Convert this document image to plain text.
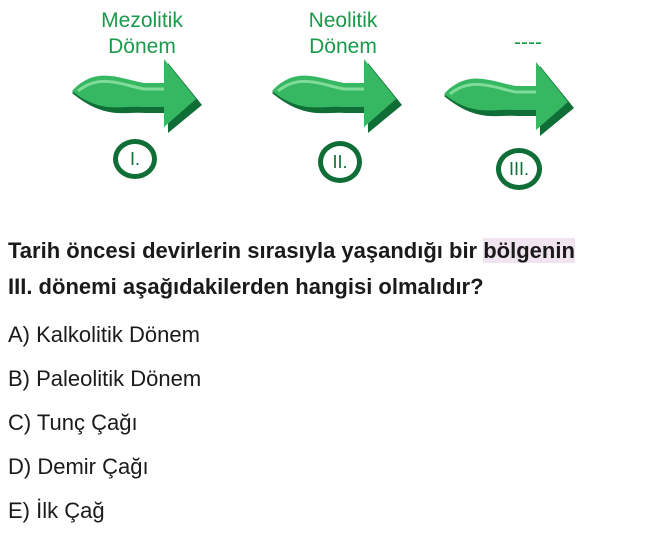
Mezolitik
Dönem
I.
Neolitik
Dönem
II.
----
III.
Tarih öncesi devirlerin sırasıyla yaşandığı bir bölgenin
III. dönemi aşağıdakilerden hangisi olmalıdır?
A) Kalkolitik Dönem
B) Paleolitik Dönem
C) Tunç Çağı
D) Demir Çağı
E) İlk Çağ
